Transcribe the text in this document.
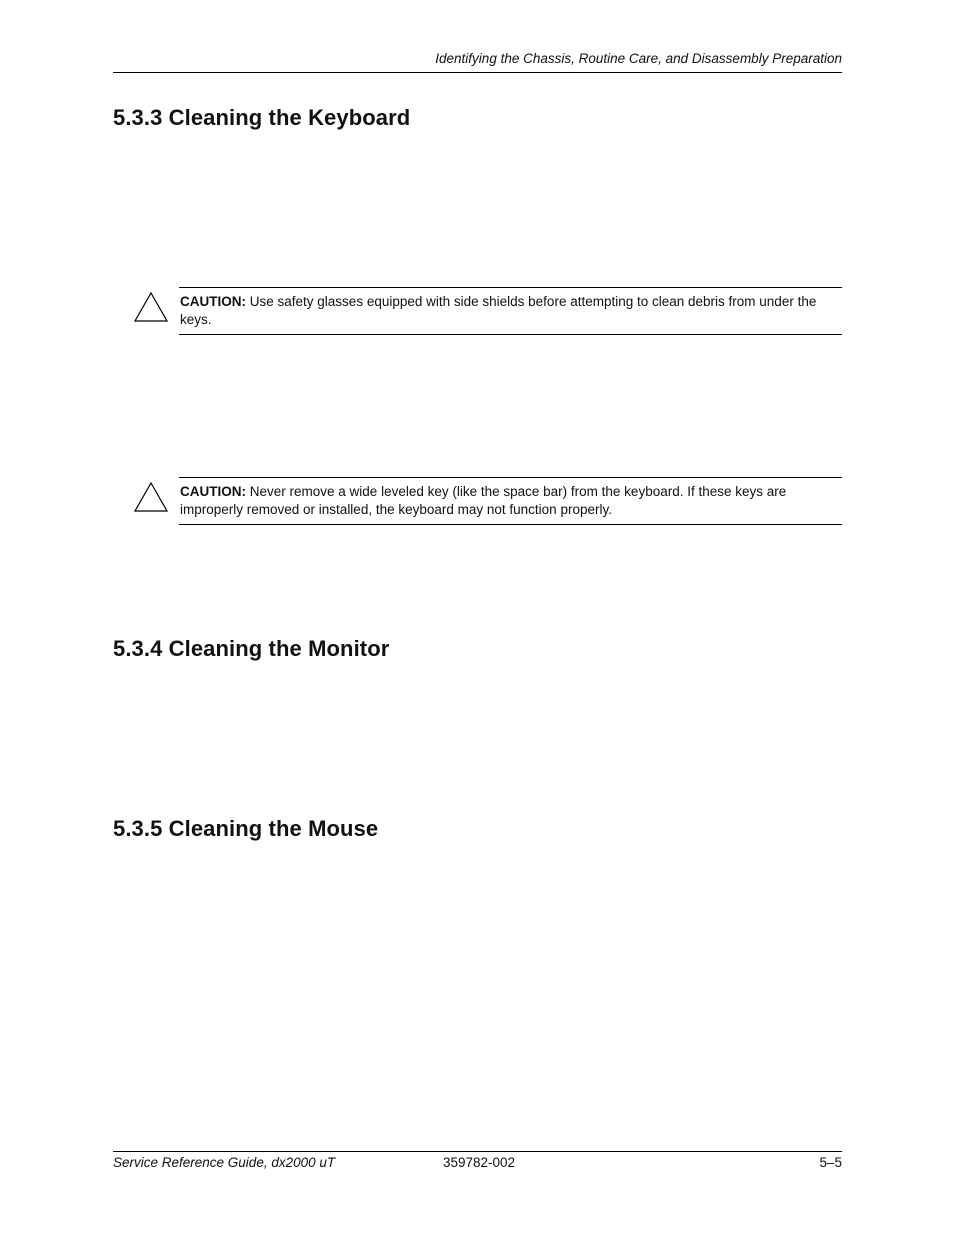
Identifying the Chassis, Routine Care, and Disassembly Preparation
5.3.3 Cleaning the Keyboard
CAUTION: Use safety glasses equipped with side shields before attempting to clean debris from under the keys.
CAUTION: Never remove a wide leveled key (like the space bar) from the keyboard. If these keys are improperly removed or installed, the keyboard may not function properly.
5.3.4 Cleaning the Monitor
5.3.5 Cleaning the Mouse
Service Reference Guide, dx2000 uT	359782-002	5–5
